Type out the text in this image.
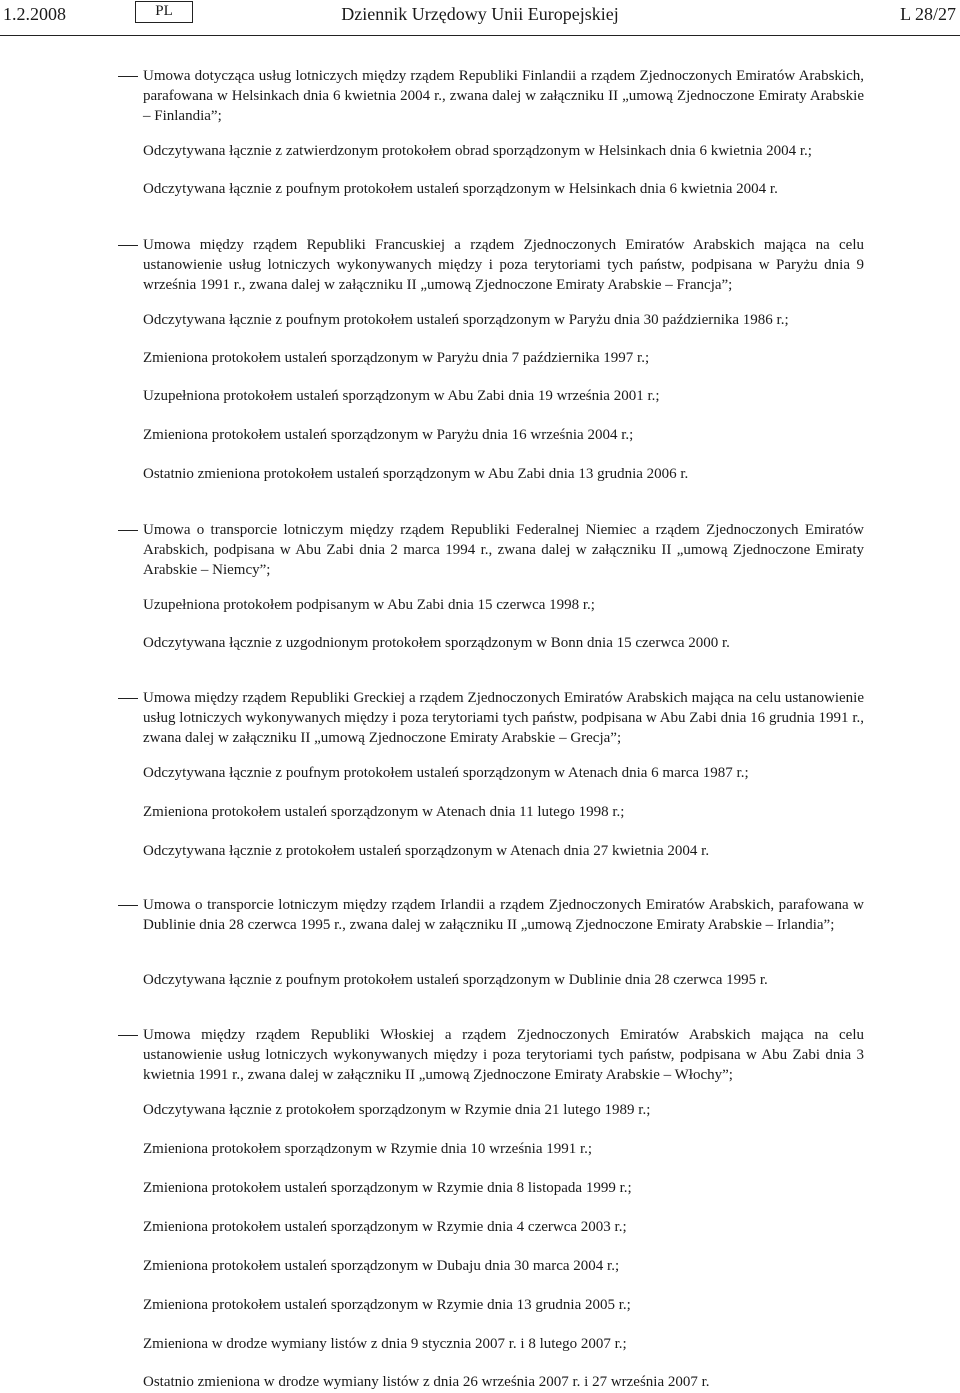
1.2.2008	PL	Dziennik Urzędowy Unii Europejskiej	L 28/27

Umowa dotycząca usług lotniczych między rządem Republiki Finlandii a rządem Zjednoczonych Emiratów Arabskich, parafowana w Helsinkach dnia 6 kwietnia 2004 r., zwana dalej w załączniku II „umową Zjednoczone Emiraty Arabskie – Finlandia”;

Odczytywana łącznie z zatwierdzonym protokołem obrad sporządzonym w Helsinkach dnia 6 kwietnia 2004 r.;

Odczytywana łącznie z poufnym protokołem ustaleń sporządzonym w Helsinkach dnia 6 kwietnia 2004 r.

Umowa między rządem Republiki Francuskiej a rządem Zjednoczonych Emiratów Arabskich mająca na celu ustanowienie usług lotniczych wykonywanych między i poza terytoriami tych państw, podpisana w Paryżu dnia 9 września 1991 r., zwana dalej w załączniku II „umową Zjednoczone Emiraty Arabskie – Francja”;

Odczytywana łącznie z poufnym protokołem ustaleń sporządzonym w Paryżu dnia 30 października 1986 r.;

Zmieniona protokołem ustaleń sporządzonym w Paryżu dnia 7 października 1997 r.;

Uzupełniona protokołem ustaleń sporządzonym w Abu Zabi dnia 19 września 2001 r.;

Zmieniona protokołem ustaleń sporządzonym w Paryżu dnia 16 września 2004 r.;

Ostatnio zmieniona protokołem ustaleń sporządzonym w Abu Zabi dnia 13 grudnia 2006 r.

Umowa o transporcie lotniczym między rządem Republiki Federalnej Niemiec a rządem Zjednoczonych Emiratów Arabskich, podpisana w Abu Zabi dnia 2 marca 1994 r., zwana dalej w załączniku II „umową Zjednoczone Emiraty Arabskie – Niemcy”;

Uzupełniona protokołem podpisanym w Abu Zabi dnia 15 czerwca 1998 r.;

Odczytywana łącznie z uzgodnionym protokołem sporządzonym w Bonn dnia 15 czerwca 2000 r.

Umowa między rządem Republiki Greckiej a rządem Zjednoczonych Emiratów Arabskich mająca na celu ustanowienie usług lotniczych wykonywanych między i poza terytoriami tych państw, podpisana w Abu Zabi dnia 16 grudnia 1991 r., zwana dalej w załączniku II „umową Zjednoczone Emiraty Arabskie – Grecja”;

Odczytywana łącznie z poufnym protokołem ustaleń sporządzonym w Atenach dnia 6 marca 1987 r.;

Zmieniona protokołem ustaleń sporządzonym w Atenach dnia 11 lutego 1998 r.;

Odczytywana łącznie z protokołem ustaleń sporządzonym w Atenach dnia 27 kwietnia 2004 r.

Umowa o transporcie lotniczym między rządem Irlandii a rządem Zjednoczonych Emiratów Arabskich, parafowana w Dublinie dnia 28 czerwca 1995 r., zwana dalej w załączniku II „umową Zjednoczone Emiraty Arabskie – Irlandia”;

Odczytywana łącznie z poufnym protokołem ustaleń sporządzonym w Dublinie dnia 28 czerwca 1995 r.

Umowa między rządem Republiki Włoskiej a rządem Zjednoczonych Emiratów Arabskich mająca na celu ustanowienie usług lotniczych wykonywanych między i poza terytoriami tych państw, podpisana w Abu Zabi dnia 3 kwietnia 1991 r., zwana dalej w załączniku II „umową Zjednoczone Emiraty Arabskie – Włochy”;

Odczytywana łącznie z protokołem sporządzonym w Rzymie dnia 21 lutego 1989 r.;

Zmieniona protokołem sporządzonym w Rzymie dnia 10 września 1991 r.;

Zmieniona protokołem ustaleń sporządzonym w Rzymie dnia 8 listopada 1999 r.;

Zmieniona protokołem ustaleń sporządzonym w Rzymie dnia 4 czerwca 2003 r.;

Zmieniona protokołem ustaleń sporządzonym w Dubaju dnia 30 marca 2004 r.;

Zmieniona protokołem ustaleń sporządzonym w Rzymie dnia 13 grudnia 2005 r.;

Zmieniona w drodze wymiany listów z dnia 9 stycznia 2007 r. i 8 lutego 2007 r.;

Ostatnio zmieniona w drodze wymiany listów z dnia 26 września 2007 r. i 27 września 2007 r.
